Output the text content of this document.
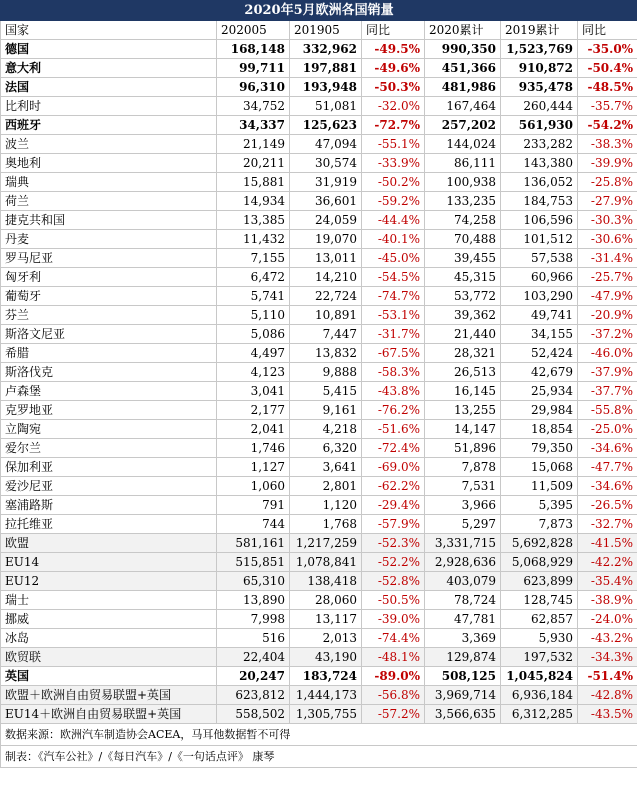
2020年5月欧洲各国销量						
国家	202005	201905	同比	2020累计	2019累计	同比
德国	168,148	332,962	-49.5%	990,350	1,523,769	-35.0%
意大利	99,711	197,881	-49.6%	451,366	910,872	-50.4%
法国	96,310	193,948	-50.3%	481,986	935,478	-48.5%
比利时	34,752	51,081	-32.0%	167,464	260,444	-35.7%
西班牙	34,337	125,623	-72.7%	257,202	561,930	-54.2%
波兰	21,149	47,094	-55.1%	144,024	233,282	-38.3%
奥地利	20,211	30,574	-33.9%	86,111	143,380	-39.9%
瑞典	15,881	31,919	-50.2%	100,938	136,052	-25.8%
荷兰	14,934	36,601	-59.2%	133,235	184,753	-27.9%
捷克共和国	13,385	24,059	-44.4%	74,258	106,596	-30.3%
丹麦	11,432	19,070	-40.1%	70,488	101,512	-30.6%
罗马尼亚	7,155	13,011	-45.0%	39,455	57,538	-31.4%
匈牙利	6,472	14,210	-54.5%	45,315	60,966	-25.7%
葡萄牙	5,741	22,724	-74.7%	53,772	103,290	-47.9%
芬兰	5,110	10,891	-53.1%	39,362	49,741	-20.9%
斯洛文尼亚	5,086	7,447	-31.7%	21,440	34,155	-37.2%
希腊	4,497	13,832	-67.5%	28,321	52,424	-46.0%
斯洛伐克	4,123	9,888	-58.3%	26,513	42,679	-37.9%
卢森堡	3,041	5,415	-43.8%	16,145	25,934	-37.7%
克罗地亚	2,177	9,161	-76.2%	13,255	29,984	-55.8%
立陶宛	2,041	4,218	-51.6%	14,147	18,854	-25.0%
爱尔兰	1,746	6,320	-72.4%	51,896	79,350	-34.6%
保加利亚	1,127	3,641	-69.0%	7,878	15,068	-47.7%
爱沙尼亚	1,060	2,801	-62.2%	7,531	11,509	-34.6%
塞浦路斯	791	1,120	-29.4%	3,966	5,395	-26.5%
拉托维亚	744	1,768	-57.9%	5,297	7,873	-32.7%
欧盟	581,161	1,217,259	-52.3%	3,331,715	5,692,828	-41.5%
EU14	515,851	1,078,841	-52.2%	2,928,636	5,068,929	-42.2%
EU12	65,310	138,418	-52.8%	403,079	623,899	-35.4%
瑞士	13,890	28,060	-50.5%	78,724	128,745	-38.9%
挪威	7,998	13,117	-39.0%	47,781	62,857	-24.0%
冰岛	516	2,013	-74.4%	3,369	5,930	-43.2%
欧贸联	22,404	43,190	-48.1%	129,874	197,532	-34.3%
英国	20,247	183,724	-89.0%	508,125	1,045,824	-51.4%
欧盟＋欧洲自由贸易联盟+英国	623,812	1,444,173	-56.8%	3,969,714	6,936,184	-42.8%
EU14＋欧洲自由贸易联盟+英国	558,502	1,305,755	-57.2%	3,566,635	6,312,285	-43.5%
数据来源：欧洲汽车制造协会ACEA，马耳他数据暂不可得						
制表：《汽车公社》/《每日汽车》/《一句话点评》 康琴						
